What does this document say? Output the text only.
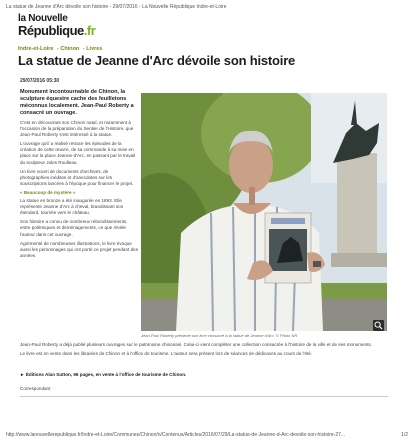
La statue de Jeanne d'Arc dévoile son histoire - 29/07/2016 - La Nouvelle République Indre-et-Loire
la Nouvelle
République.fr
Indre-et-Loire - Chinon - Livres
La statue de Jeanne d'Arc dévoile son histoire
29/07/2016 05:30
Monument incontournable de Chinon, la sculpture équestre cache des feuilletons méconnus localement. Jean-Paul Roberty a consacré un ouvrage.

C'est en découvrant son Chinon natal, et notamment à l'occasion de la préparation du Sentier de l'Histoire, que Jean-Paul Roberty s'est intéressé à la statue.

L'ouvrage qu'il a réalisé retrace les épisodes de la création de cette œuvre, de sa commande à sa mise en place sur la place Jeanne-d'Arc, en passant par le travail du sculpteur Jules Roulleau.

Un livre nourri de documents d'archives, de photographies inédites et d'anecdotes sur les souscriptions lancées à l'époque pour financer le projet.

« Beaucoup de mystère »

La statue en bronze a été inaugurée en 1893. Elle représente Jeanne d'Arc à cheval, brandissant son étendard, tournée vers le château.

Son histoire a connu de nombreux rebondissements, entre polémiques et déménagements, ce que révèle l'auteur dans cet ouvrage.

Agrémenté de nombreuses illustrations, le livre évoque aussi les personnages qui ont porté ce projet pendant des années.

Jean-Paul Roberty présente son livre consacré à la statue de Jeanne d'Arc. © Photo NR

Jean-Paul Roberty a déjà publié plusieurs ouvrages sur le patrimoine chinonais. Celui-ci vient compléter une collection consacrée à l'histoire de la ville et de ses monuments.

Le livre est en vente dans les librairies de Chinon et à l'office de tourisme. L'auteur sera présent lors de séances de dédicaces au cours de l'été.

► Éditions Alan Sutton, 96 pages, en vente à l'office de tourisme de Chinon.
Correspondant
http://www.lanouvellerepublique.fr/Indre-et-Loire/Communes/Chinon/n/Contenus/Articles/2016/07/29/La-statue-de-Jeanne-d-Arc-devoile-son-histoire-27...	1/2
